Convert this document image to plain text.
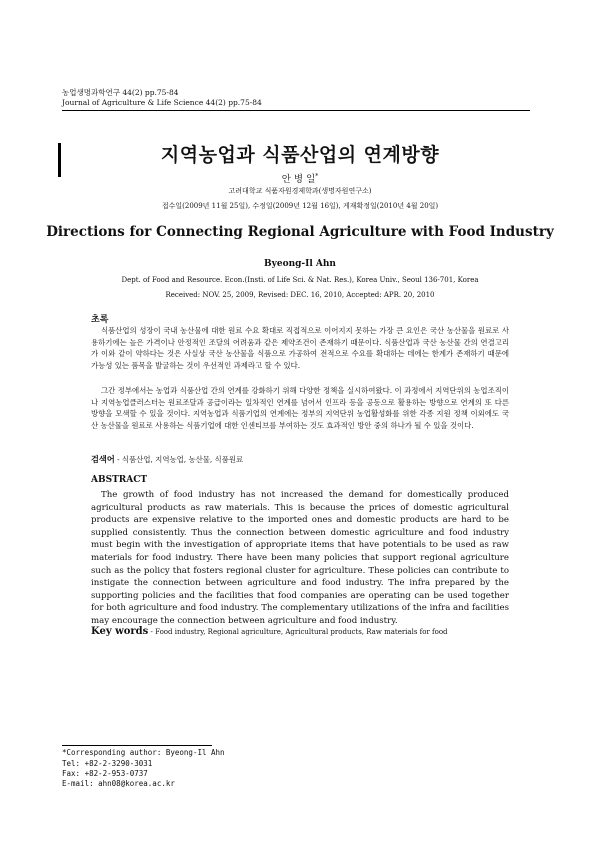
농업생명과학연구 44(2) pp.75-84
Journal of Agriculture & Life Science 44(2) pp.75-84
지역농업과 식품산업의 연계방향
안 병 일*
고려대학교 식품자원경제학과(생명자원연구소)
접수일(2009년 11월 25일), 수정일(2009년 12월 16일), 게재확정일(2010년 4월 20일)
Directions for Connecting Regional Agriculture with Food Industry
Byeong-Il Ahn
Dept. of Food and Resource. Econ.(Insti. of Life Sci. & Nat. Res.), Korea Univ., Seoul 136-701, Korea
Received: NOV. 25, 2009, Revised: DEC. 16, 2010, Accepted: APR. 20, 2010
초록
식품산업의 성장이 국내 농산물에 대한 원료 수요 확대로 직접적으로 이어지지 못하는 가장 큰 요인은 국산 농산물을 원료로 사용하기에는 높은 가격이나 안정적인 조달의 어려움과 같은 제약조건이 존재하기 때문이다. 식품산업과 국산 농산물 간의 연결고리가 이와 같이 약하다는 것은 사실상 국산 농산물을 식품으로 가공하여 전적으로 수요를 확대하는 데에는 한계가 존재하기 때문에 가능성 있는 품목을 발굴하는 것이 우선적인 과제라고 할 수 있다.
그간 정부에서는 농업과 식품산업 간의 연계를 강화하기 위해 다양한 정책을 실시하여왔다. 이 과정에서 지역단위의 농업조직이나 지역농업클러스터는 원료조달과 공급이라는 일차적인 연계를 넘어서 인프라 등을 공동으로 활용하는 방향으로 연계의 또 다른 방향을 모색할 수 있을 것이다. 지역농업과 식품기업의 연계에는 정부의 지역단위 농업활성화를 위한 각종 지원 정책 이외에도 국산 농산물을 원료로 사용하는 식품기업에 대한 인센티브를 부여하는 것도 효과적인 방안 중의 하나가 될 수 있을 것이다.
검색어 - 식품산업, 지역농업, 농산물, 식품원료
ABSTRACT
The growth of food industry has not increased the demand for domestically produced agricultural products as raw materials. This is because the prices of domestic agricultural products are expensive relative to the imported ones and domestic products are hard to be supplied consistently. Thus the connection between domestic agriculture and food industry must begin with the investigation of appropriate items that have potentials to be used as raw materials for food industry. There have been many policies that support regional agriculture such as the policy that fosters regional cluster for agriculture. These policies can contribute to instigate the connection between agriculture and food industry. The infra prepared by the supporting policies and the facilities that food companies are operating can be used together for both agriculture and food industry. The complementary utilizations of the infra and facilities may encourage the connection between agriculture and food industry.
Key words - Food industry, Regional agriculture, Agricultural products, Raw materials for food
*Corresponding author: Byeong-Il Ahn
Tel: +82-2-3290-3031
Fax: +82-2-953-0737
E-mail: ahn08@korea.ac.kr
